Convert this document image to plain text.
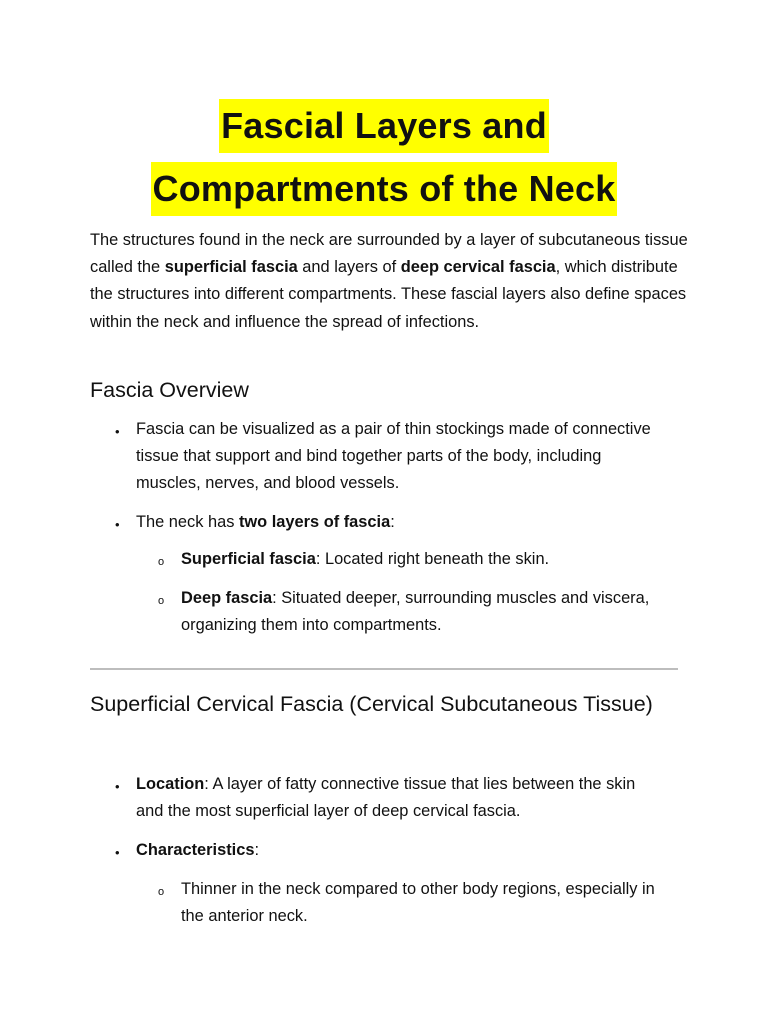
Fascial Layers and
Compartments of the Neck

The structures found in the neck are surrounded by a layer of subcutaneous tissue called the superficial fascia and layers of deep cervical fascia, which distribute the structures into different compartments. These fascial layers also define spaces within the neck and influence the spread of infections.

Fascia Overview
• Fascia can be visualized as a pair of thin stockings made of connective tissue that support and bind together parts of the body, including muscles, nerves, and blood vessels.
• The neck has two layers of fascia:
o Superficial fascia: Located right beneath the skin.
o Deep fascia: Situated deeper, surrounding muscles and viscera, organizing them into compartments.
Superficial Cervical Fascia (Cervical Subcutaneous Tissue)
• Location: A layer of fatty connective tissue that lies between the skin and the most superficial layer of deep cervical fascia.
• Characteristics:
o Thinner in the neck compared to other body regions, especially in the anterior neck.
